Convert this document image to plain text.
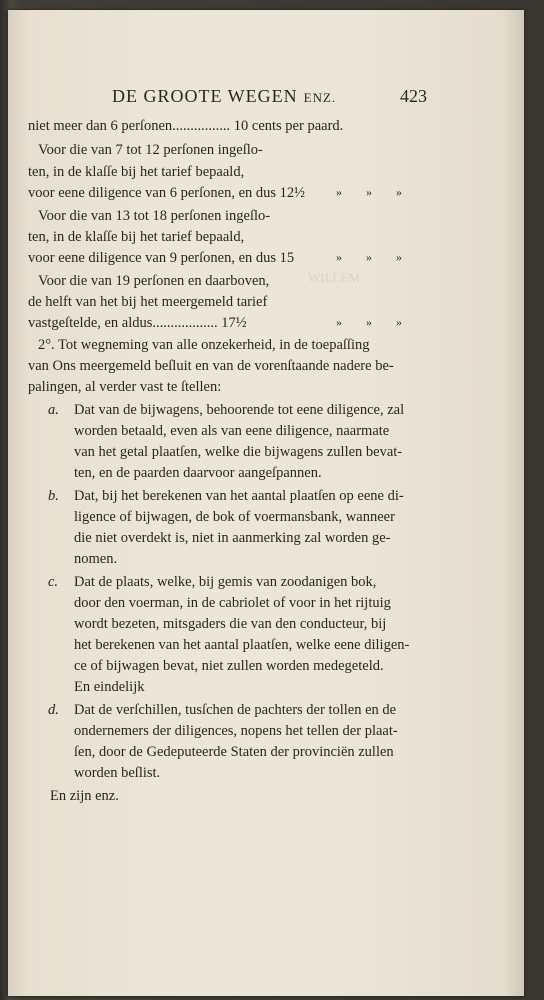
DE GROOTE WEGEN ENZ.	423
WILLEM
niet meer dan 6 perſonen................ 10 cents per paard.
Voor die van 7 tot 12 perſonen ingeſlo-
ten, in de klaſſe bij het tarief bepaald,
voor eene diligence van 6 perſonen, en dus 12½	» » »
Voor die van 13 tot 18 perſonen ingeſlo-
ten, in de klaſſe bij het tarief bepaald,
voor eene diligence van 9 perſonen, en dus 15	» » »
Voor die van 19 perſonen en daarboven,
de helft van het bij het meergemeld tarief
vastgeſtelde, en aldus.................. 17½	» » »
2°. Tot wegneming van alle onzekerheid, in de toepaſſing
van Ons meergemeld beſluit en van de vorenſtaande nadere be-
palingen, al verder vast te ſtellen:
a. Dat van de bijwagens, behoorende tot eene diligence, zal
worden betaald, even als van eene diligence, naarmate
van het getal plaatſen, welke die bijwagens zullen bevat-
ten, en de paarden daarvoor aangeſpannen.
b. Dat, bij het berekenen van het aantal plaatſen op eene di-
ligence of bijwagen, de bok of voermansbank, wanneer
die niet overdekt is, niet in aanmerking zal worden ge-
nomen.
c. Dat de plaats, welke, bij gemis van zoodanigen bok,
door den voerman, in de cabriolet of voor in het rijtuig
wordt bezeten, mitsgaders die van den conducteur, bij
het berekenen van het aantal plaatſen, welke eene diligen-
ce of bijwagen bevat, niet zullen worden medegeteld.
En eindelijk
d. Dat de verſchillen, tusſchen de pachters der tollen en de
ondernemers der diligences, nopens het tellen der plaat-
ſen, door de Gedeputeerde Staten der provinciën zullen
worden beſlist.
En zijn enz.
